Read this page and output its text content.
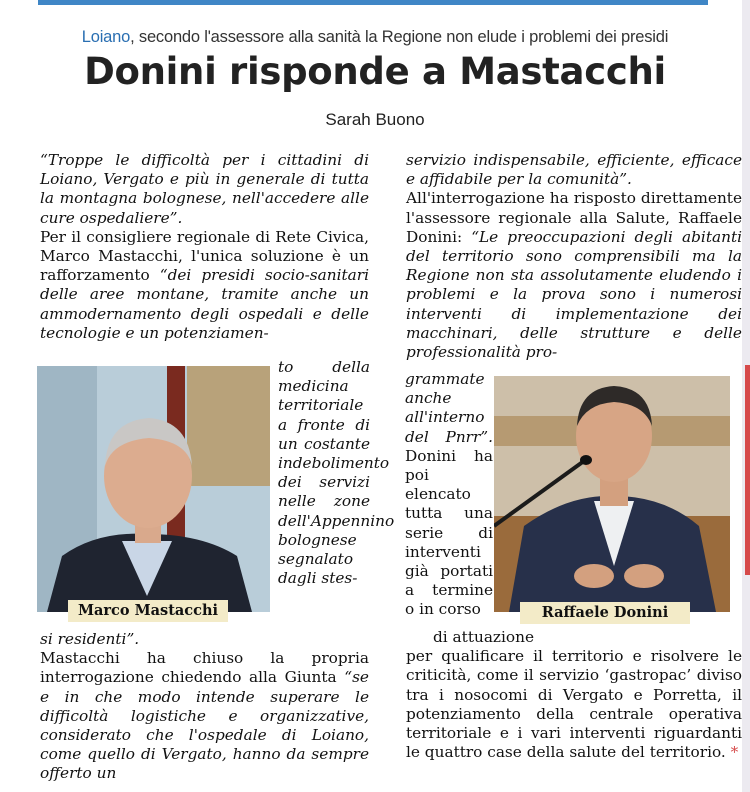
Loiano, secondo l'assessore alla sanità la Regione non elude i problemi dei presidi
Donini risponde a Mastacchi
Sarah Buono

“Troppe le difficoltà per i cittadini di Loiano, Vergato e più in generale di tutta la montagna bolognese, nell'accedere alle cure ospedaliere”.

Per il consigliere regionale di Rete Civica, Marco Mastacchi, l'unica soluzione è un rafforzamento “dei presidi socio-sanitari delle aree montane, tramite anche un ammodernamento degli ospedali e delle tecnologie e un potenziamen-

Marco Mastacchi
to della medicina territoriale a fronte di un costante indebolimento dei servizi nelle zone dell'Appennino bolognese segnalato dagli stes-

si residenti”.

Mastacchi ha chiuso la propria interrogazione chiedendo alla Giunta “se e in che modo intende superare le difficoltà logistiche e organizzative, considerato che l'ospedale di Loiano, come quello di Vergato, hanno da sempre offerto un

servizio indispensabile, efficiente, efficace e affidabile per la comunità”.

All'interrogazione ha risposto direttamente l'assessore regionale alla Salute, Raffaele Donini: “Le preoccupazioni degli abitanti del territorio sono comprensibili ma la Regione non sta assolutamente eludendo i problemi e la prova sono i numerosi interventi di implementazione dei macchinari, delle strutture e delle professionalità pro-

grammate anche all'interno del Pnrr”. Donini ha poi elencato tutta una serie di interventi già portati a termine o in corso	Raffaele Donini

di attuazione

per qualificare il territorio e risolvere le criticità, come il servizio ‘gastropac’ diviso tra i nosocomi di Vergato e Porretta, il potenziamento della centrale operativa territoriale e i vari interventi riguardanti le quattro case della salute del territorio. *
